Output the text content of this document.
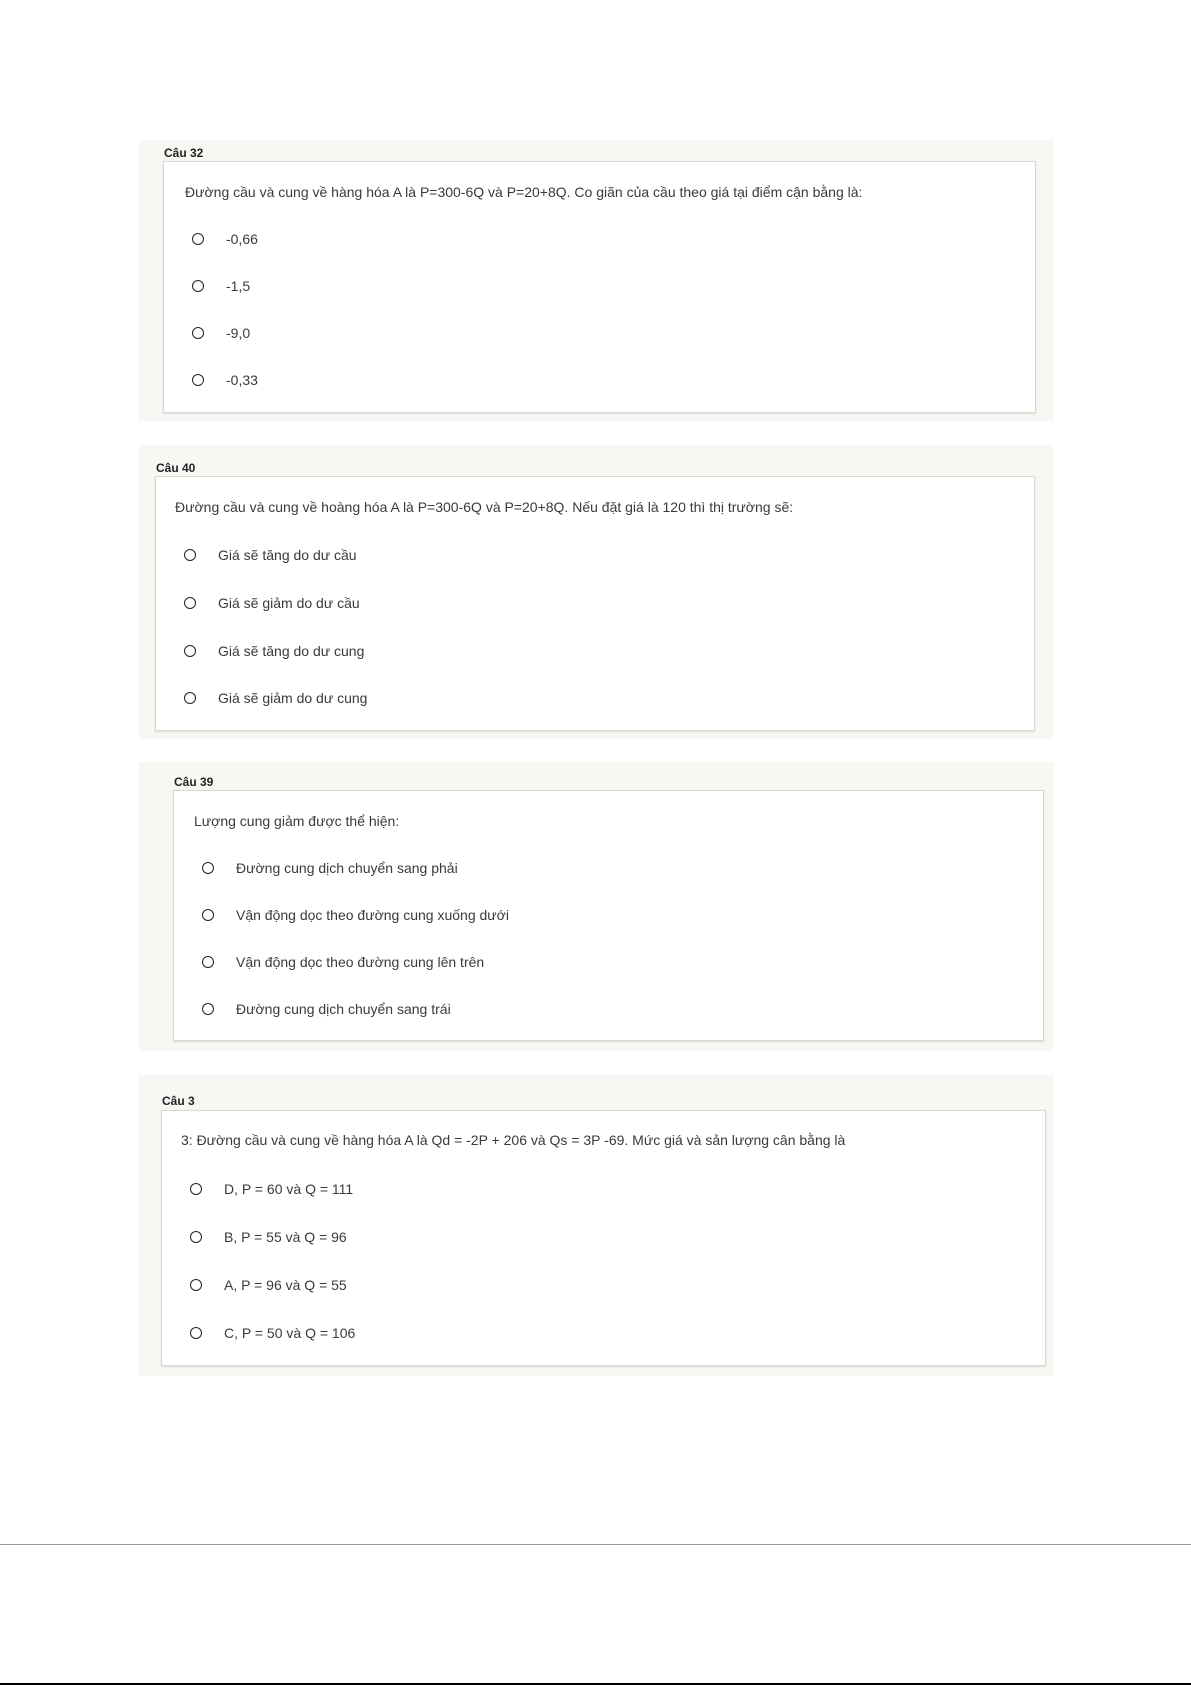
Câu 32
Đường cầu và cung về hàng hóa A là P=300-6Q và P=20+8Q. Co giãn của cầu theo giá tại điểm cận bằng là:
-0,66
-1,5
-9,0
-0,33
Câu 40
Đường cầu và cung về hoàng hóa A là P=300-6Q và P=20+8Q. Nếu đặt giá là 120 thì thị trường sẽ:
Giá sẽ tăng do dư cầu
Giá sẽ giảm do dư cầu
Giá sẽ tăng do dư cung
Giá sẽ giảm do dư cung
Câu 39
Lượng cung giảm được thể hiện:
Đường cung dịch chuyển sang phải
Vận động dọc theo đường cung xuống dưới
Vận động dọc theo đường cung lên trên
Đường cung dịch chuyển sang trái
Câu 3
3: Đường cầu và cung về hàng hóa A là Qd = -2P + 206 và Qs = 3P -69. Mức giá và sản lượng cân bằng là
D, P = 60 và Q = 111
B, P = 55 và Q = 96
A, P = 96 và Q = 55
C, P = 50 và Q = 106
